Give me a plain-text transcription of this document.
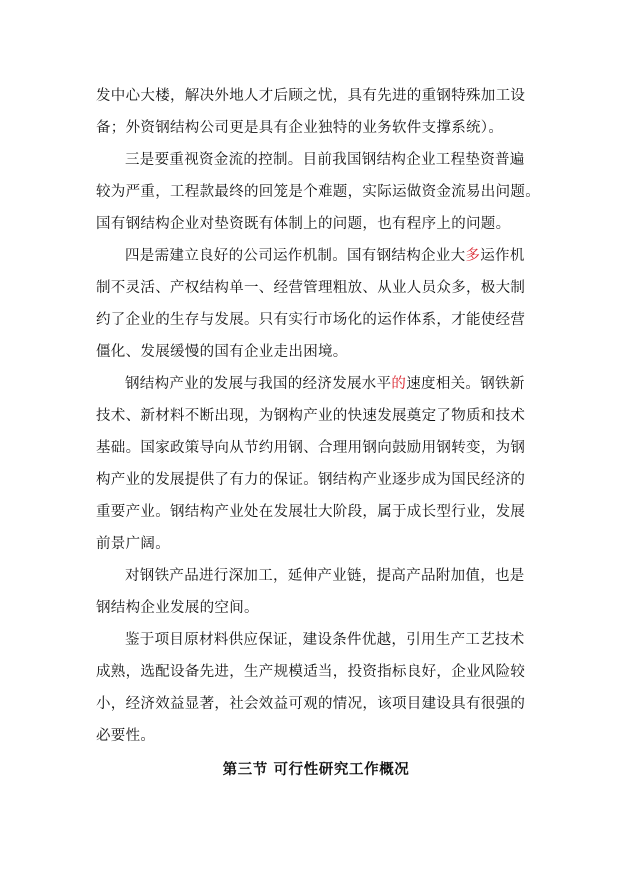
发中心大楼，解决外地人才后顾之忧，具有先进的重钢特殊加工设
备；外资钢结构公司更是具有企业独特的业务软件支撑系统）。

三是要重视资金流的控制。目前我国钢结构企业工程垫资普遍
较为严重，工程款最终的回笼是个难题，实际运做资金流易出问题。
国有钢结构企业对垫资既有体制上的问题，也有程序上的问题。

四是需建立良好的公司运作机制。国有钢结构企业大多运作机
制不灵活、产权结构单一、经营管理粗放、从业人员众多，极大制
约了企业的生存与发展。只有实行市场化的运作体系，才能使经营
僵化、发展缓慢的国有企业走出困境。

钢结构产业的发展与我国的经济发展水平的速度相关。钢铁新
技术、新材料不断出现，为钢构产业的快速发展奠定了物质和技术
基础。国家政策导向从节约用钢、合理用钢向鼓励用钢转变，为钢
构产业的发展提供了有力的保证。钢结构产业逐步成为国民经济的
重要产业。钢结构产业处在发展壮大阶段，属于成长型行业，发展
前景广阔。

对钢铁产品进行深加工，延伸产业链，提高产品附加值，也是
钢结构企业发展的空间。

鉴于项目原材料供应保证，建设条件优越，引用生产工艺技术
成熟，选配设备先进，生产规模适当，投资指标良好，企业风险较
小，经济效益显著，社会效益可观的情况，该项目建设具有很强的
必要性。

第三节 可行性研究工作概况
